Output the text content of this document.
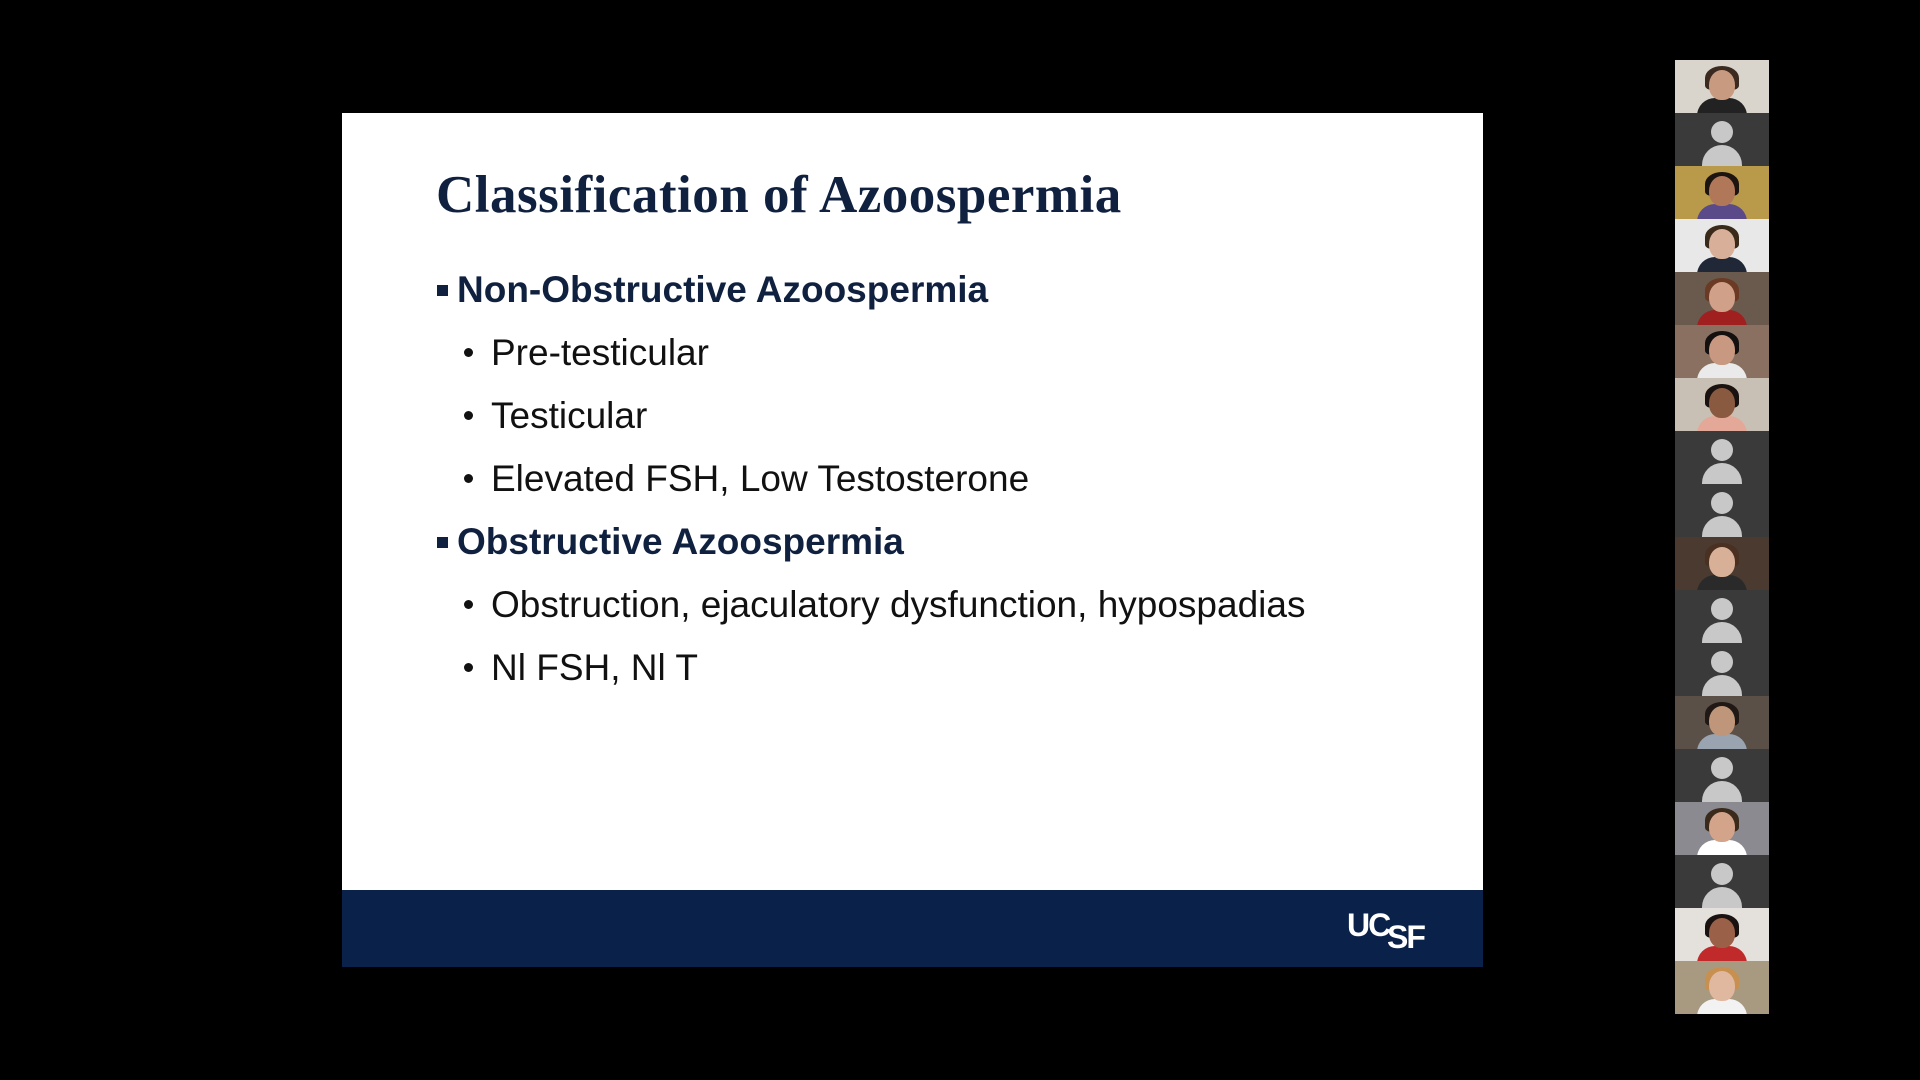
Classification of Azoospermia
Non-Obstructive Azoospermia
Pre-testicular
Testicular
Elevated FSH, Low Testosterone
Obstructive Azoospermia
Obstruction, ejaculatory dysfunction, hypospadias
Nl FSH, Nl T
UC
SF
